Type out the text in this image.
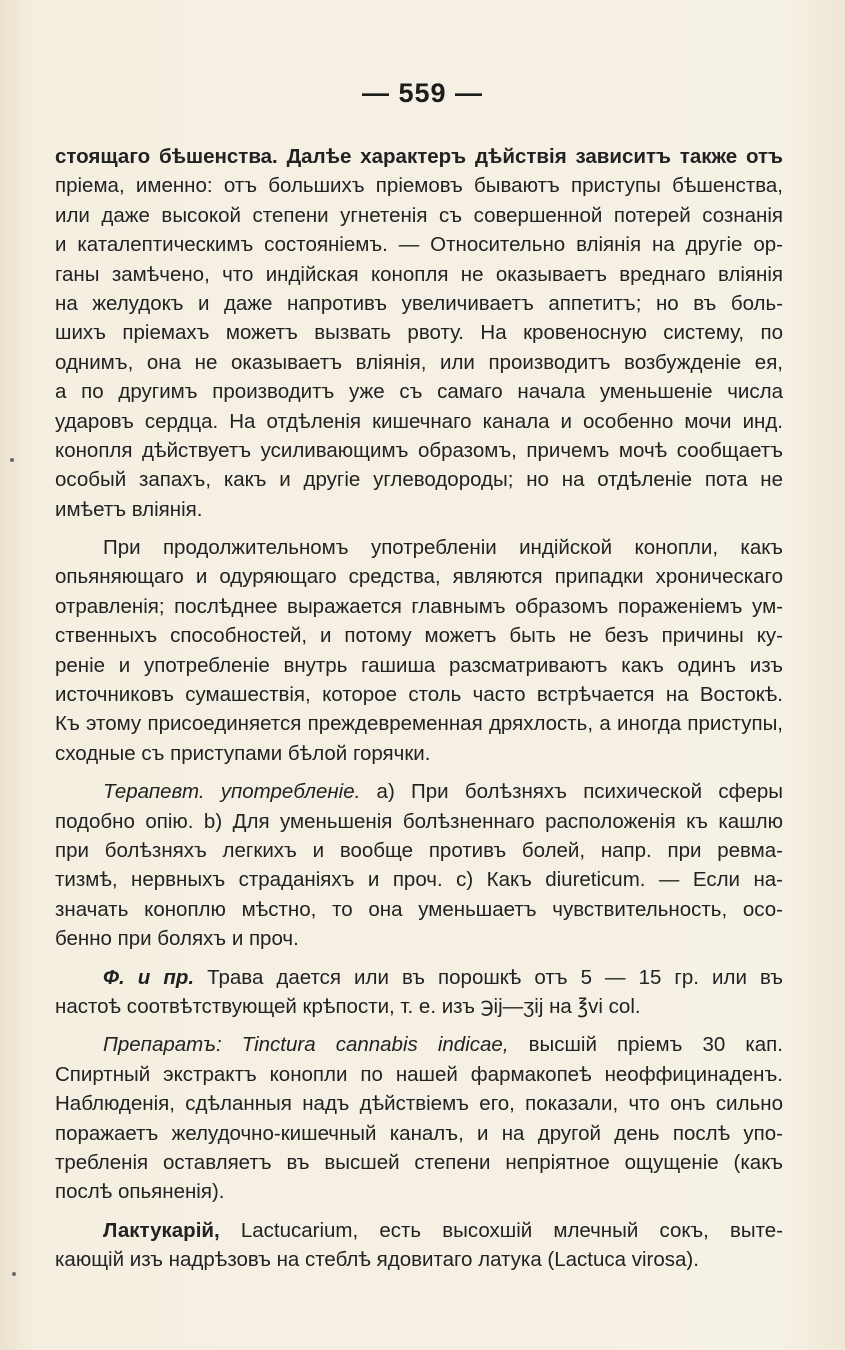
— 559 —
стоящаго бѣшенства. Далѣе характеръ дѣйствія зависитъ также отъ
пріема, именно: отъ большихъ пріемовъ бываютъ приступы бѣшенства,
или даже высокой степени угнетенія съ совершенной потерей сознанія
и каталептическимъ состояніемъ. — Относительно вліянія на другіе ор-
ганы замѣчено, что индійская конопля не оказываетъ вреднаго вліянія
на желудокъ и даже напротивъ увеличиваетъ аппетитъ; но въ боль-
шихъ пріемахъ можетъ вызвать рвоту. На кровеносную систему, по
однимъ, она не оказываетъ вліянія, или производитъ возбужденіе ея,
а по другимъ производитъ уже съ самаго начала уменьшеніе числа
ударовъ сердца. На отдѣленія кишечнаго канала и особенно мочи инд.
конопля дѣйствуетъ усиливающимъ образомъ, причемъ мочѣ сообщаетъ
особый запахъ, какъ и другіе углеводороды; но на отдѣленіе пота не
имѣетъ вліянія.
При продолжительномъ употребленіи индійской конопли, какъ
опьяняющаго и одуряющаго средства, являются припадки хроническаго
отравленія; послѣднее выражается главнымъ образомъ пораженіемъ ум-
ственныхъ способностей, и потому можетъ быть не безъ причины ку-
реніе и употребленіе внутрь гашиша разсматриваютъ какъ одинъ изъ
источниковъ сумашествія, которое столь часто встрѣчается на Востокѣ.
Къ этому присоединяется преждевременная дряхлость, а иногда приступы,
сходные съ приступами бѣлой горячки.
Терапевт. употребленіе. а) При болѣзняхъ психической сферы
подобно опію. b) Для уменьшенія болѣзненнаго расположенія къ кашлю
при болѣзняхъ легкихъ и вообще противъ болей, напр. при ревма-
тизмѣ, нервныхъ страданіяхъ и проч. c) Какъ diureticum. — Если на-
значать коноплю мѣстно, то она уменьшаетъ чувствительность, осо-
бенно при боляхъ и проч.
Ф. и пр. Трава дается или въ порошкѣ отъ 5 — 15 гр. или въ
настоѣ соотвѣтствующей крѣпости, т. е. изъ ℈ij—ʒij на ℥vi col.
Препаратъ: Tinctura cannabis indicae, высшій пріемъ 30 кап.
Спиртный экстрактъ конопли по нашей фармакопеѣ неоффицинаденъ.
Наблюденія, сдѣланныя надъ дѣйствіемъ его, показали, что онъ сильно
поражаетъ желудочно-кишечный каналъ, и на другой день послѣ упо-
требленія оставляетъ въ высшей степени непріятное ощущеніе (какъ
послѣ опьяненія).
Лактукарій, Lactucarium, есть высохшій млечный сокъ, выте-
кающій изъ надрѣзовъ на стеблѣ ядовитаго латука (Lactuca virosa).
